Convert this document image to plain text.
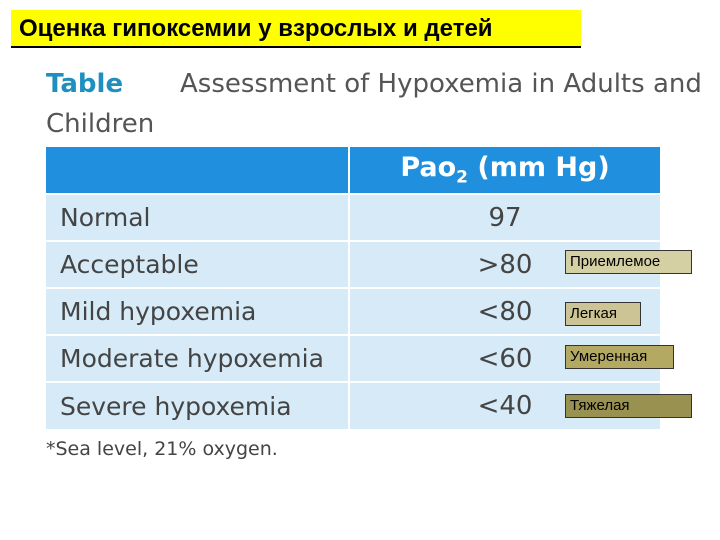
Оценка гипоксемии у взрослых и детей
Table
Children
Assessment of Hypoxemia in Adults and
	Pao$_2$ (mm Hg)
Normal	97
Acceptable	>80
Mild hypoxemia	<80
Moderate hypoxemia	<60
Severe hypoxemia	<40
*Sea level, 21% oxygen.
Приемлемое
Легкая
Умеренная
Тяжелая
